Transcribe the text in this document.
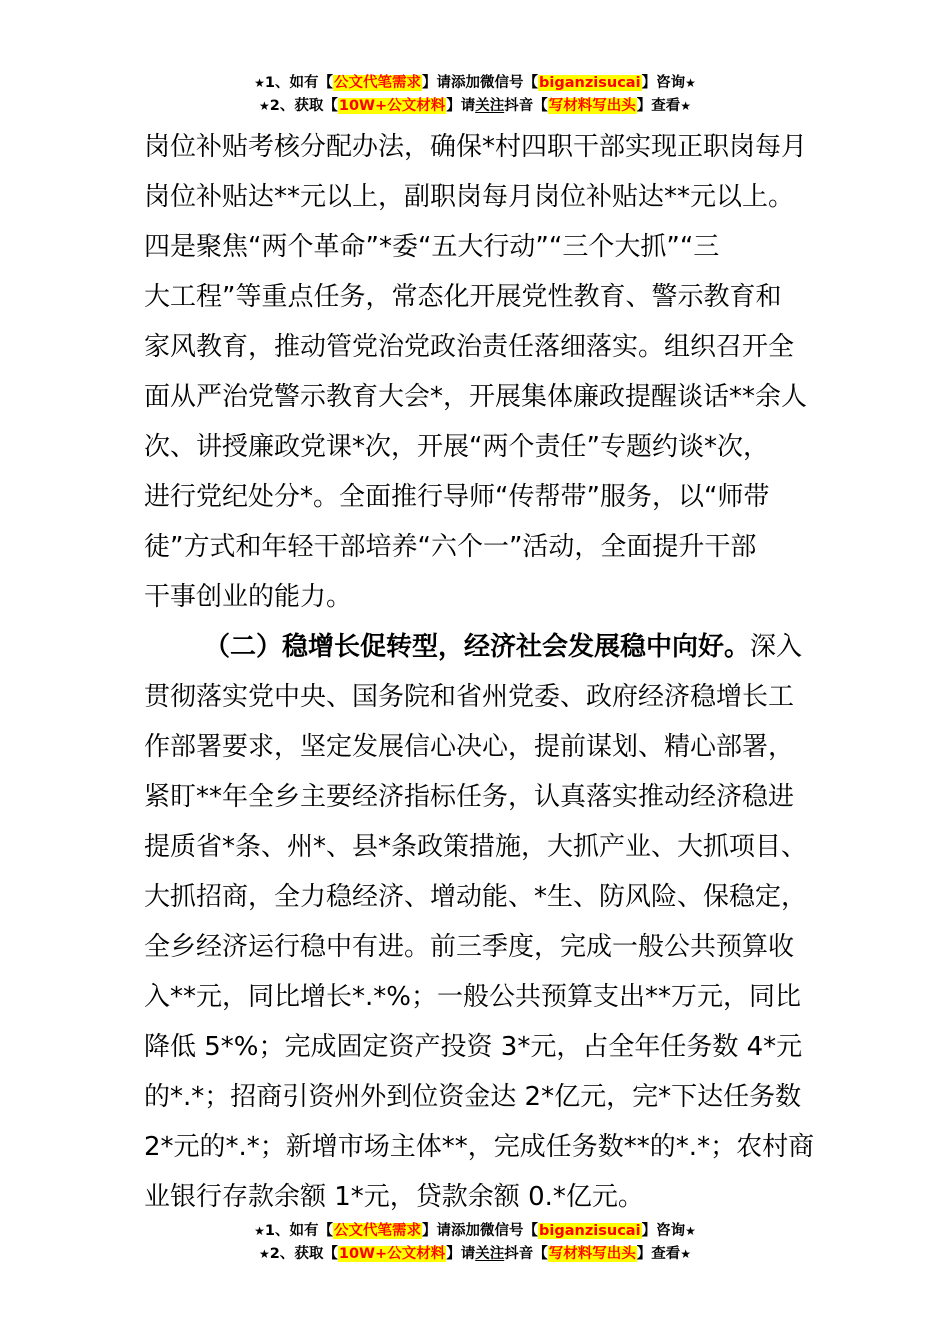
★1、如有【公文代笔需求】请添加微信号【biganzisucai】咨询★
★2、获取【10W+公文材料】请关注抖音【写材料写出头】查看★
岗位补贴考核分配办法，确保*村四职干部实现正职岗每月
岗位补贴达**元以上，副职岗每月岗位补贴达**元以上。
四是聚焦“两个革命”*委“五大行动”“三个大抓”“三
大工程”等重点任务，常态化开展党性教育、警示教育和
家风教育，推动管党治党政治责任落细落实。组织召开全
面从严治党警示教育大会*，开展集体廉政提醒谈话**余人
次、讲授廉政党课*次，开展“两个责任”专题约谈*次，
进行党纪处分*。全面推行导师“传帮带”服务，以“师带
徒”方式和年轻干部培养“六个一”活动，全面提升干部
干事创业的能力。
（二）稳增长促转型，经济社会发展稳中向好。深入
贯彻落实党中央、国务院和省州党委、政府经济稳增长工
作部署要求，坚定发展信心决心，提前谋划、精心部署，
紧盯**年全乡主要经济指标任务，认真落实推动经济稳进
提质省*条、州*、县*条政策措施，大抓产业、大抓项目、
大抓招商，全力稳经济、增动能、*生、防风险、保稳定，
全乡经济运行稳中有进。前三季度，完成一般公共预算收
入**元，同比增长*.*%；一般公共预算支出**万元，同比
降低 5*%；完成固定资产投资 3*元，占全年任务数 4*元
的*.*；招商引资州外到位资金达 2*亿元，完*下达任务数
2*元的*.*；新增市场主体**，完成任务数**的*.*；农村商
业银行存款余额 1*元，贷款余额 0.*亿元。
★1、如有【公文代笔需求】请添加微信号【biganzisucai】咨询★
★2、获取【10W+公文材料】请关注抖音【写材料写出头】查看★
